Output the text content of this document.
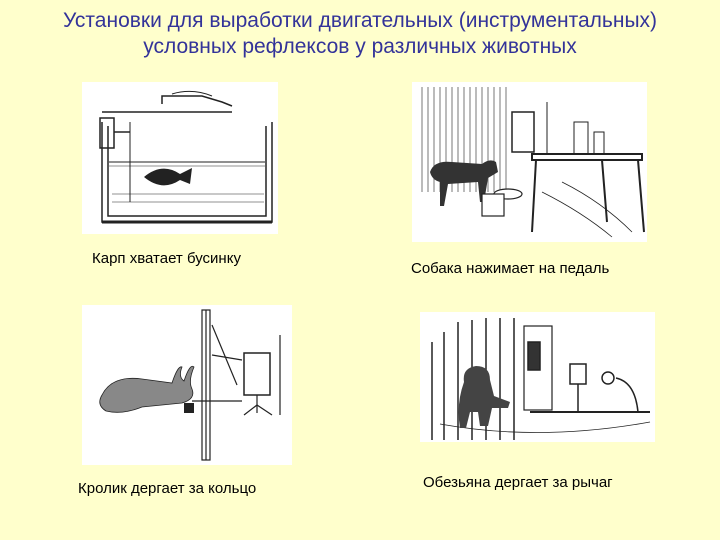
Установки для выработки двигательных (инструментальных)
условных рефлексов у различных животных
Карп хватает бусинку
Собака нажимает на педаль
Кролик дергает за кольцо	Обезьяна дергает за рычаг
